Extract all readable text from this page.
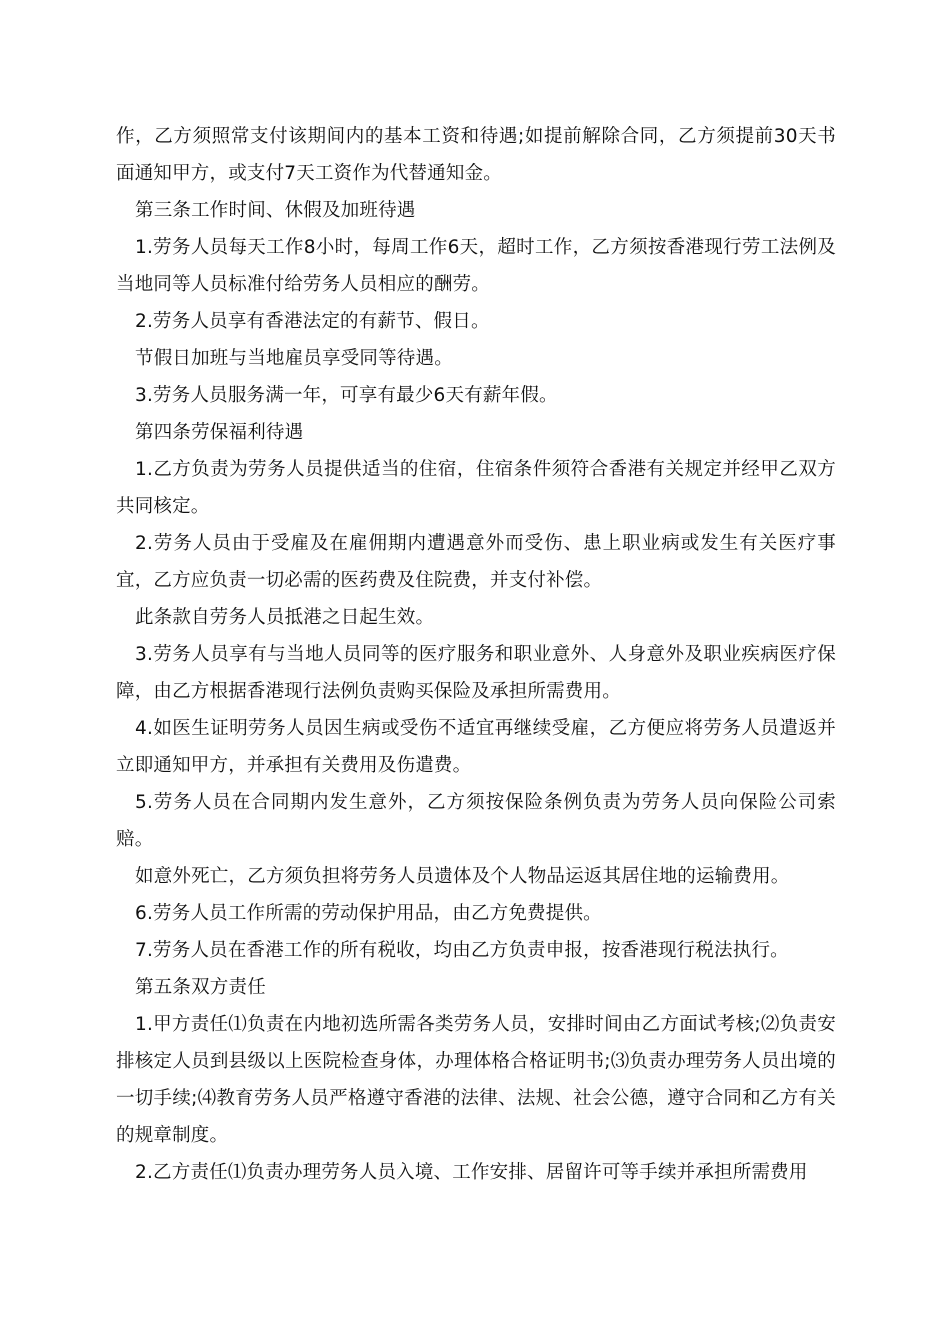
作，乙方须照常支付该期间内的基本工资和待遇;如提前解除合同，乙方须提前30天书面通知甲方，或支付7天工资作为代替通知金。

第三条工作时间、休假及加班待遇

1.劳务人员每天工作8小时，每周工作6天，超时工作，乙方须按香港现行劳工法例及当地同等人员标准付给劳务人员相应的酬劳。

2.劳务人员享有香港法定的有薪节、假日。

节假日加班与当地雇员享受同等待遇。

3.劳务人员服务满一年，可享有最少6天有薪年假。

第四条劳保福利待遇

1.乙方负责为劳务人员提供适当的住宿，住宿条件须符合香港有关规定并经甲乙双方共同核定。

2.劳务人员由于受雇及在雇佣期内遭遇意外而受伤、患上职业病或发生有关医疗事宜，乙方应负责一切必需的医药费及住院费，并支付补偿。

此条款自劳务人员抵港之日起生效。

3.劳务人员享有与当地人员同等的医疗服务和职业意外、人身意外及职业疾病医疗保障，由乙方根据香港现行法例负责购买保险及承担所需费用。

4.如医生证明劳务人员因生病或受伤不适宜再继续受雇，乙方便应将劳务人员遣返并立即通知甲方，并承担有关费用及伤遣费。

5.劳务人员在合同期内发生意外，乙方须按保险条例负责为劳务人员向保险公司索赔。

如意外死亡，乙方须负担将劳务人员遗体及个人物品运返其居住地的运输费用。

6.劳务人员工作所需的劳动保护用品，由乙方免费提供。

7.劳务人员在香港工作的所有税收，均由乙方负责申报，按香港现行税法执行。

第五条双方责任

1.甲方责任⑴负责在内地初选所需各类劳务人员，安排时间由乙方面试考核;⑵负责安排核定人员到县级以上医院检查身体，办理体格合格证明书;⑶负责办理劳务人员出境的一切手续;⑷教育劳务人员严格遵守香港的法律、法规、社会公德，遵守合同和乙方有关的规章制度。

2.乙方责任⑴负责办理劳务人员入境、工作安排、居留许可等手续并承担所需费用
